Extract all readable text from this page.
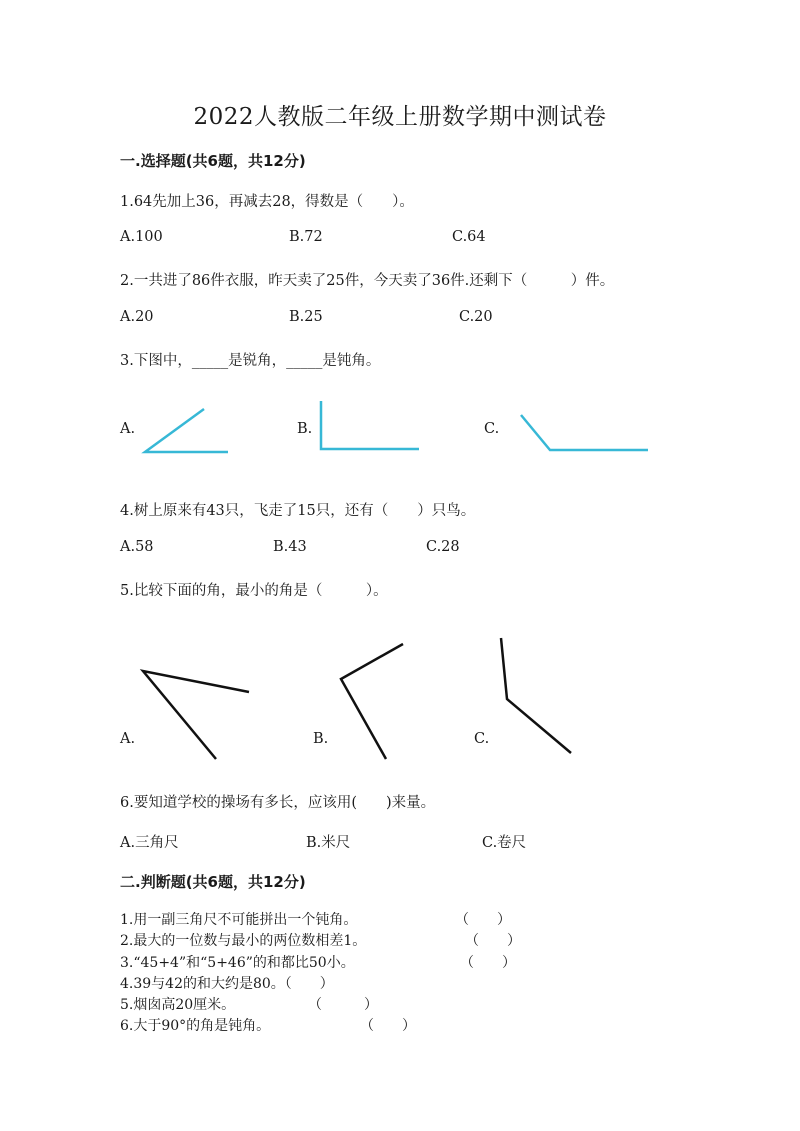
2022人教版二年级上册数学期中测试卷
一.选择题(共6题，共12分)
1.64先加上36，再减去28，得数是（　　）。
A.100	B.72	C.64
2.一共进了86件衣服，昨天卖了25件，今天卖了36件.还剩下（　　　）件。
A.20	B.25	C.20
3.下图中，_____是锐角，_____是钝角。
A.	B.	C.
4.树上原来有43只，飞走了15只，还有（　　）只鸟。
A.58	B.43	C.28
5.比较下面的角，最小的角是（　　　）。
A.	B.	C.
6.要知道学校的操场有多长，应该用(　　)来量。
A.三角尺	B.米尺	C.卷尺
二.判断题(共6题，共12分)
1.用一副三角尺不可能拼出一个钝角。	（　　）
2.最大的一位数与最小的两位数相差1。	（　　）
3.“45+4”和“5+46”的和都比50小。	（　　）
4.39与42的和大约是80。（　　）
5.烟囱高20厘米。	（　　　）
6.大于90°的角是钝角。	（　　）
